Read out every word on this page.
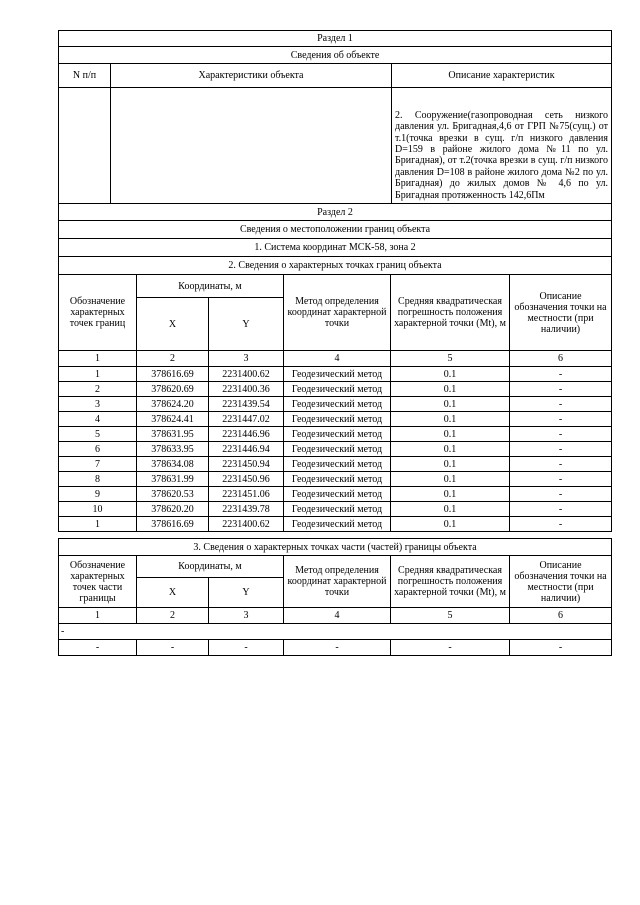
Раздел 1		
Сведения об объекте		
N п/п	Характеристики объекта	Описание характеристик
		2. Сооружение(газопроводная сеть низкого давления ул. Бригадная,4,6 от ГРП №75(сущ.) от т.1(точка врезки в сущ. г/п низкого давления D=159 в районе жилого дома №11 по ул. Бригадная), от т.2(точка врезки в сущ. г/п низкого давления D=108 в районе жилого дома №2 по ул. Бригадная) до жилых домов № 4,6 по ул. Бригадная протяженность 142,6Пм
Раздел 2					
Сведения о местоположении границ объекта					
1. Система координат МСК-58, зона 2					
2. Сведения о характерных точках границ объекта					
Обозначение характерных точек границ	Координаты, м		Метод определения координат характерной точки	Средняя квадратическая погрешность положения характерной точки (Mt), м	Описание обозначения точки на местности (при наличии)
	X	Y			
1	2	3	4	5	6
1	378616.69	2231400.62	Геодезический метод	0.1	-
2	378620.69	2231400.36	Геодезический метод	0.1	-
3	378624.20	2231439.54	Геодезический метод	0.1	-
4	378624.41	2231447.02	Геодезический метод	0.1	-
5	378631.95	2231446.96	Геодезический метод	0.1	-
6	378633.95	2231446.94	Геодезический метод	0.1	-
7	378634.08	2231450.94	Геодезический метод	0.1	-
8	378631.99	2231450.96	Геодезический метод	0.1	-
9	378620.53	2231451.06	Геодезический метод	0.1	-
10	378620.20	2231439.78	Геодезический метод	0.1	-
1	378616.69	2231400.62	Геодезический метод	0.1	-
3. Сведения о характерных точках части (частей) границы объекта					
Обозначение характерных точек части границы	Координаты, м		Метод определения координат характерной точки	Средняя квадратическая погрешность положения характерной точки (Mt), м	Описание обозначения точки на местности (при наличии)
	X	Y			
1	2	3	4	5	6
-					
-	-	-	-	-	-
